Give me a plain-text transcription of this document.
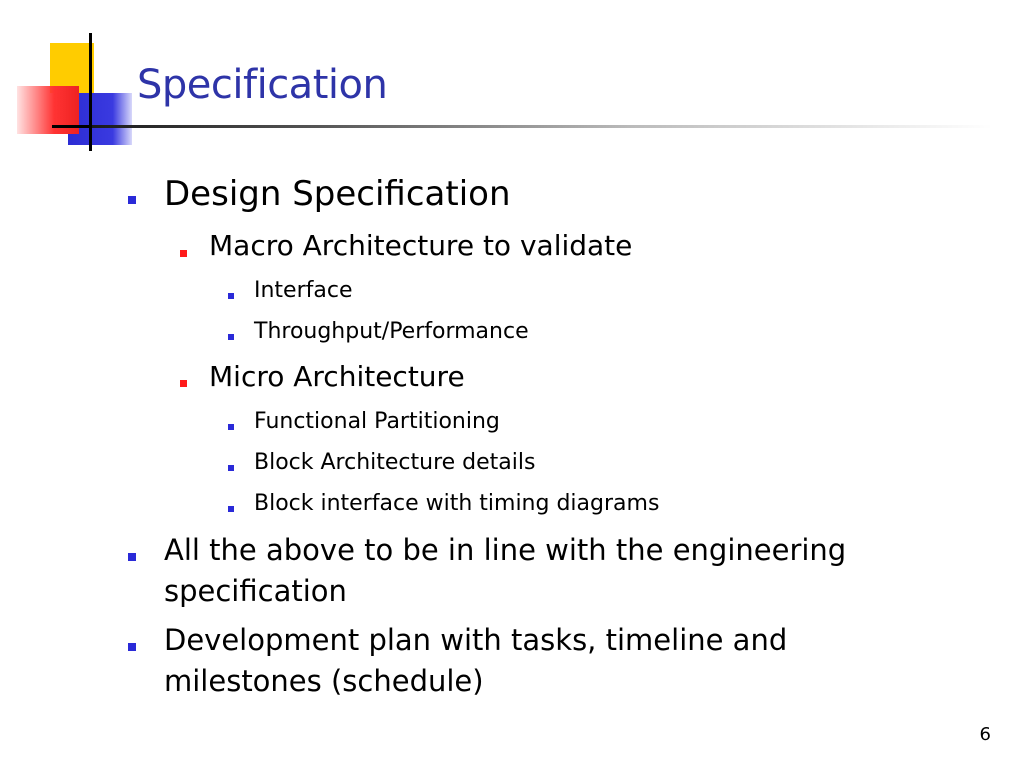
Specification
Design Specification
Macro Architecture to validate
Interface
Throughput/Performance
Micro Architecture
Functional Partitioning
Block Architecture details
Block interface with timing diagrams
All the above to be in line with the engineering specification
Development plan with tasks, timeline and milestones (schedule)
6
